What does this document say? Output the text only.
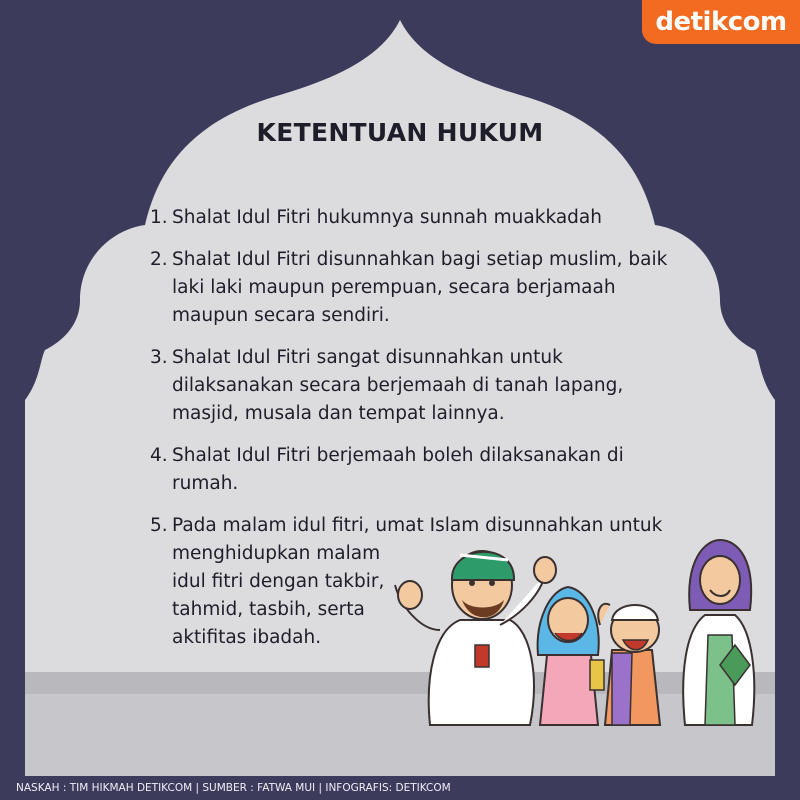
detikcom
KETENTUAN HUKUM
1. Shalat Idul Fitri hukumnya sunnah muakkadah
2. Shalat Idul Fitri disunnahkan bagi setiap muslim, baik laki laki maupun perempuan, secara berjamaah maupun secara sendiri.
3. Shalat Idul Fitri sangat disunnahkan untuk dilaksanakan secara berjemaah di tanah lapang, masjid, musala dan tempat lainnya.
4. Shalat Idul Fitri berjemaah boleh dilaksanakan di rumah.
5. Pada malam idul fitri, umat Islam disunnahkan untuk
menghidupkan malam idul fitri dengan takbir, tahmid, tasbih, serta aktifitas ibadah.
NASKAH : TIM HIKMAH DETIKCOM | SUMBER : FATWA MUI | INFOGRAFIS: DETIKCOM
